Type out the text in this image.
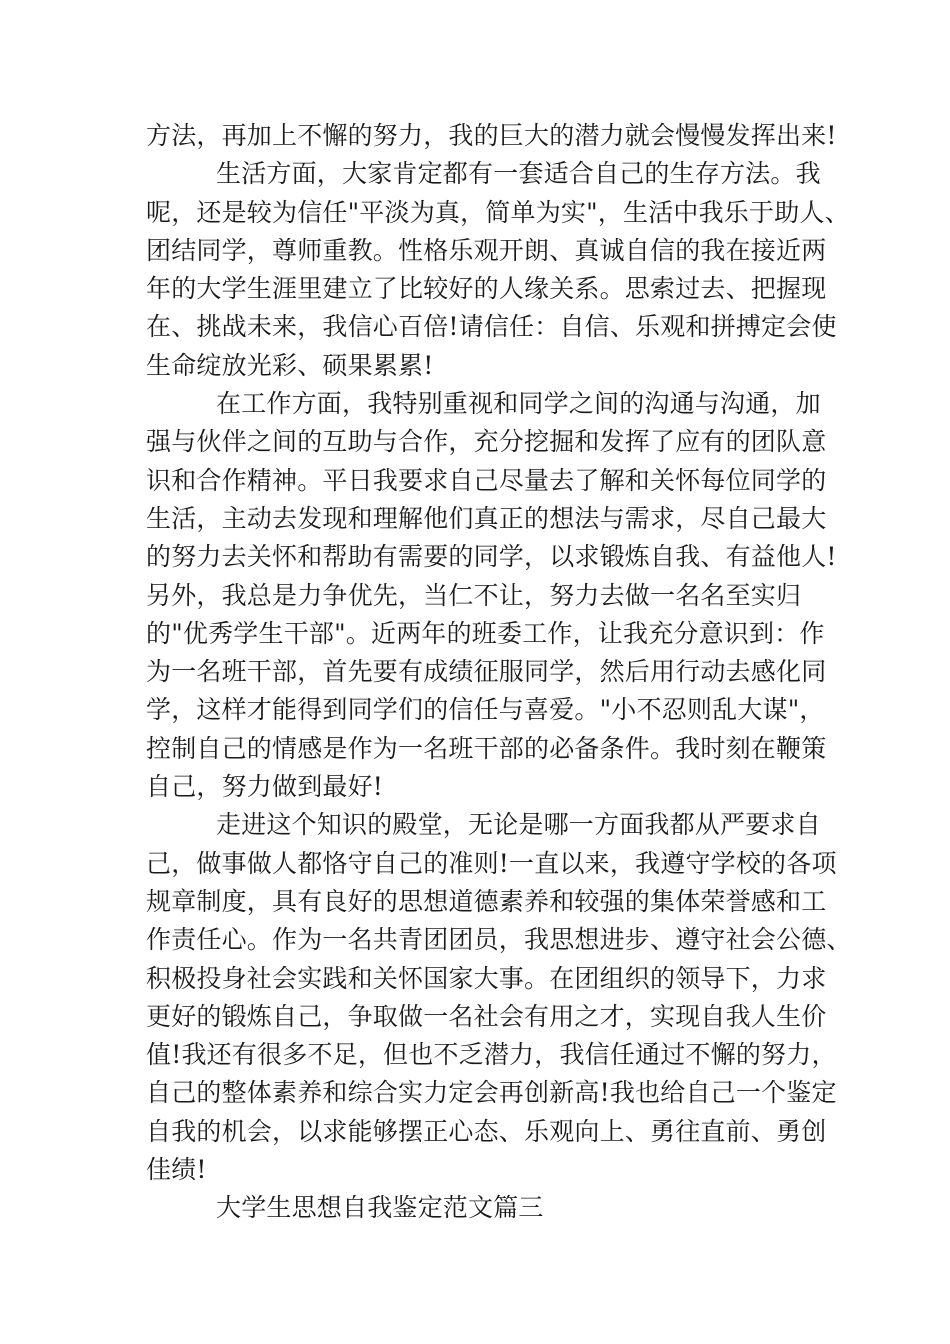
方法，再加上不懈的努力，我的巨大的潜力就会慢慢发挥出来!
生活方面，大家肯定都有一套适合自己的生存方法。我
呢，还是较为信任"平淡为真，简单为实"，生活中我乐于助人、
团结同学，尊师重教。性格乐观开朗、真诚自信的我在接近两
年的大学生涯里建立了比较好的人缘关系。思索过去、把握现
在、挑战未来，我信心百倍!请信任：自信、乐观和拼搏定会使
生命绽放光彩、硕果累累!
在工作方面，我特别重视和同学之间的沟通与沟通，加
强与伙伴之间的互助与合作，充分挖掘和发挥了应有的团队意
识和合作精神。平日我要求自己尽量去了解和关怀每位同学的
生活，主动去发现和理解他们真正的想法与需求，尽自己最大
的努力去关怀和帮助有需要的同学，以求锻炼自我、有益他人!
另外，我总是力争优先，当仁不让，努力去做一名名至实归
的"优秀学生干部"。近两年的班委工作，让我充分意识到：作
为一名班干部，首先要有成绩征服同学，然后用行动去感化同
学，这样才能得到同学们的信任与喜爱。"小不忍则乱大谋"，
控制自己的情感是作为一名班干部的必备条件。我时刻在鞭策
自己，努力做到最好!
走进这个知识的殿堂，无论是哪一方面我都从严要求自
己，做事做人都恪守自己的准则!一直以来，我遵守学校的各项
规章制度，具有良好的思想道德素养和较强的集体荣誉感和工
作责任心。作为一名共青团团员，我思想进步、遵守社会公德、
积极投身社会实践和关怀国家大事。在团组织的领导下，力求
更好的锻炼自己，争取做一名社会有用之才，实现自我人生价
值!我还有很多不足，但也不乏潜力，我信任通过不懈的努力，
自己的整体素养和综合实力定会再创新高!我也给自己一个鉴定
自我的机会，以求能够摆正心态、乐观向上、勇往直前、勇创
佳绩!
大学生思想自我鉴定范文篇三
